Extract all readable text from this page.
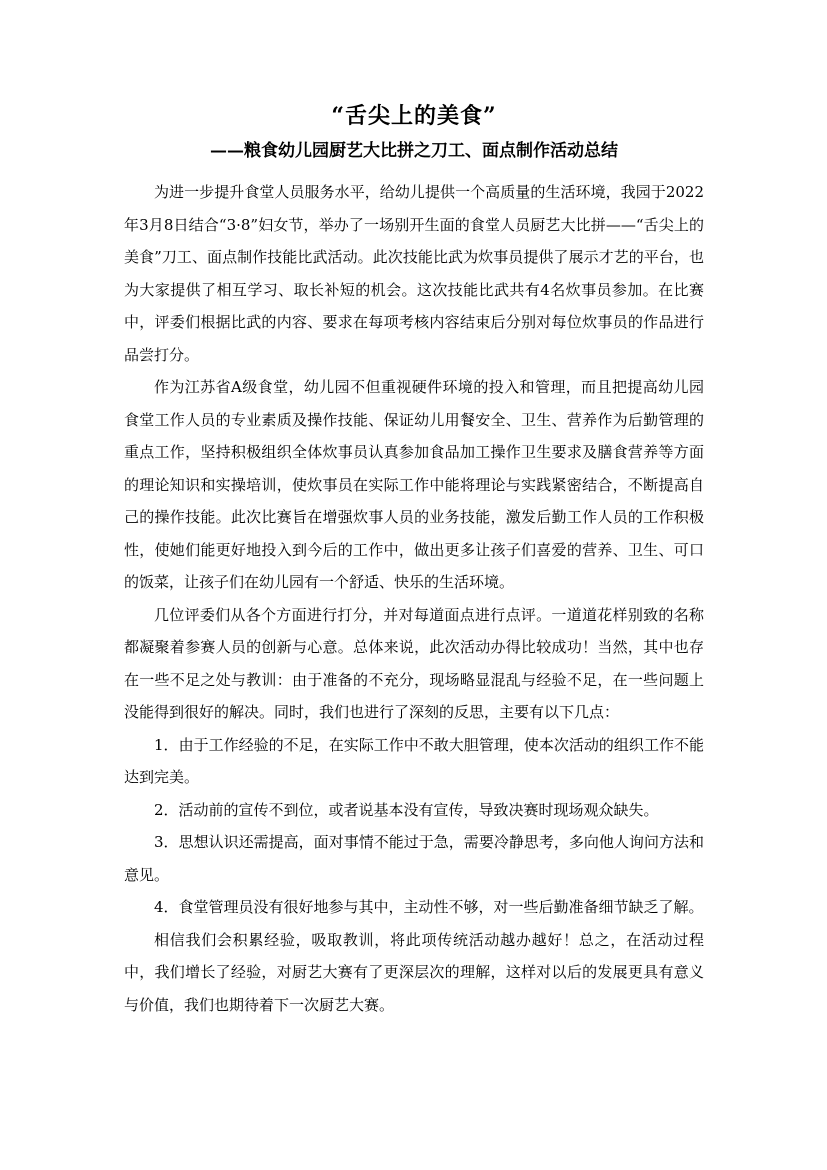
“舌尖上的美食”
——粮食幼儿园厨艺大比拼之刀工、面点制作活动总结

为进一步提升食堂人员服务水平，给幼儿提供一个高质量的生活环境，我园于2022年3月8日结合“3·8”妇女节，举办了一场别开生面的食堂人员厨艺大比拼——“舌尖上的美食”刀工、面点制作技能比武活动。此次技能比武为炊事员提供了展示才艺的平台，也为大家提供了相互学习、取长补短的机会。这次技能比武共有4名炊事员参加。在比赛中，评委们根据比武的内容、要求在每项考核内容结束后分别对每位炊事员的作品进行品尝打分。

作为江苏省A级食堂，幼儿园不但重视硬件环境的投入和管理，而且把提高幼儿园食堂工作人员的专业素质及操作技能、保证幼儿用餐安全、卫生、营养作为后勤管理的重点工作，坚持积极组织全体炊事员认真参加食品加工操作卫生要求及膳食营养等方面的理论知识和实操培训，使炊事员在实际工作中能将理论与实践紧密结合，不断提高自己的操作技能。此次比赛旨在增强炊事人员的业务技能，激发后勤工作人员的工作积极性，使她们能更好地投入到今后的工作中，做出更多让孩子们喜爱的营养、卫生、可口的饭菜，让孩子们在幼儿园有一个舒适、快乐的生活环境。

几位评委们从各个方面进行打分，并对每道面点进行点评。一道道花样别致的名称都凝聚着参赛人员的创新与心意。总体来说，此次活动办得比较成功！当然，其中也存在一些不足之处与教训：由于准备的不充分，现场略显混乱与经验不足，在一些问题上没能得到很好的解决。同时，我们也进行了深刻的反思，主要有以下几点：

1．由于工作经验的不足，在实际工作中不敢大胆管理，使本次活动的组织工作不能达到完美。

2．活动前的宣传不到位，或者说基本没有宣传，导致决赛时现场观众缺失。

3．思想认识还需提高，面对事情不能过于急，需要冷静思考，多向他人询问方法和意见。

4．食堂管理员没有很好地参与其中，主动性不够，对一些后勤准备细节缺乏了解。

相信我们会积累经验，吸取教训，将此项传统活动越办越好！总之，在活动过程中，我们增长了经验，对厨艺大赛有了更深层次的理解，这样对以后的发展更具有意义与价值，我们也期待着下一次厨艺大赛。
